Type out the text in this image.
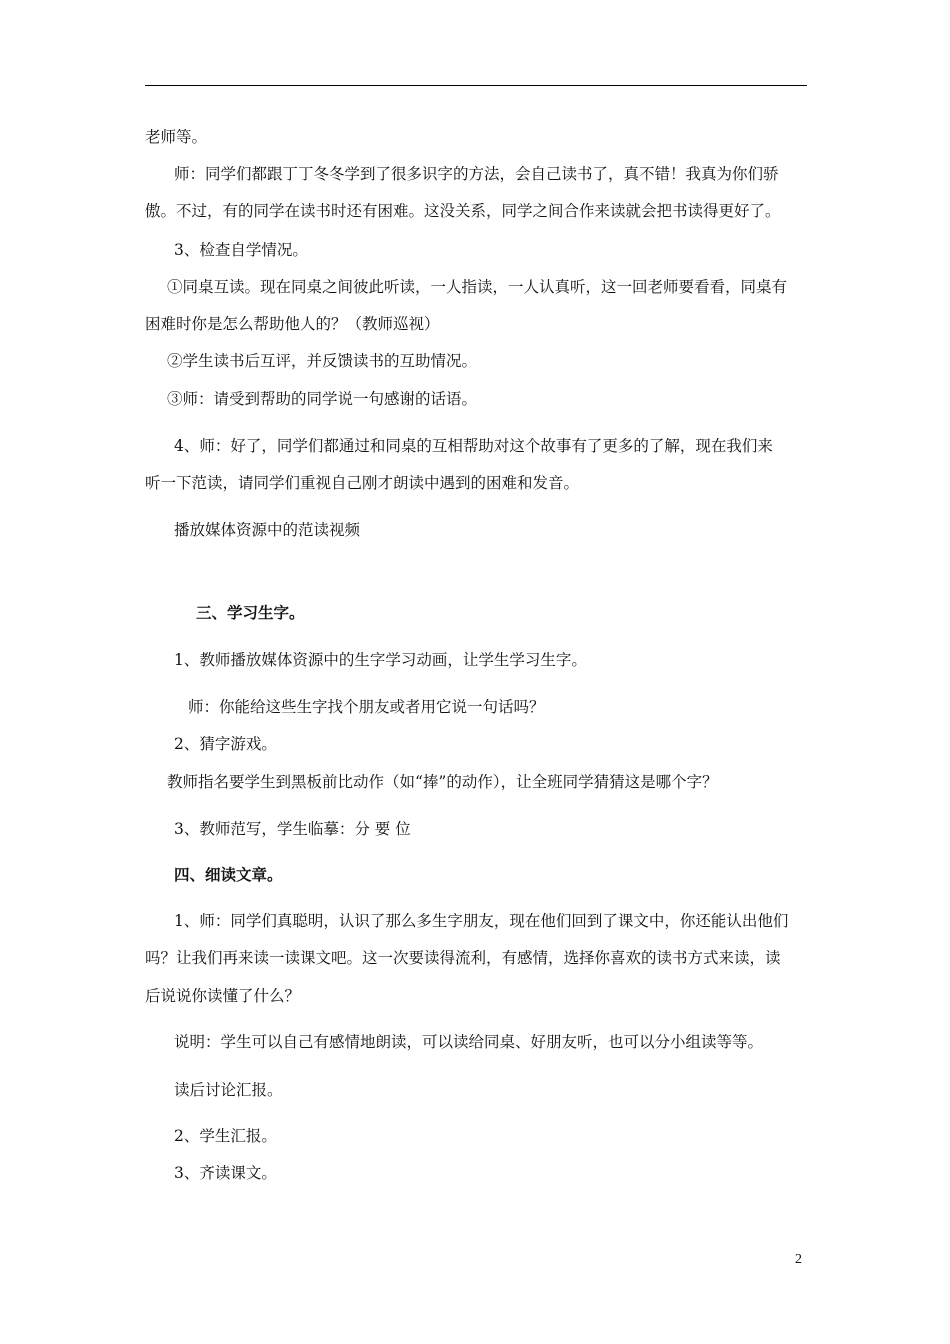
老师等。
师：同学们都跟丁丁冬冬学到了很多识字的方法，会自己读书了，真不错！我真为你们骄
傲。不过，有的同学在读书时还有困难。这没关系，同学之间合作来读就会把书读得更好了。
3、检查自学情况。
①同桌互读。现在同桌之间彼此听读，一人指读，一人认真听，这一回老师要看看，同桌有
困难时你是怎么帮助他人的？（教师巡视）
②学生读书后互评，并反馈读书的互助情况。
③师：请受到帮助的同学说一句感谢的话语。
4、师：好了，同学们都通过和同桌的互相帮助对这个故事有了更多的了解，现在我们来
听一下范读，请同学们重视自己刚才朗读中遇到的困难和发音。
播放媒体资源中的范读视频
三、学习生字。
1、教师播放媒体资源中的生字学习动画，让学生学习生字。
师：你能给这些生字找个朋友或者用它说一句话吗？
2、猜字游戏。
教师指名要学生到黑板前比动作（如“捧”的动作），让全班同学猜猜这是哪个字？
3、教师范写，学生临摹：分 要 位
四、细读文章。
1、师：同学们真聪明，认识了那么多生字朋友，现在他们回到了课文中，你还能认出他们
吗？让我们再来读一读课文吧。这一次要读得流利，有感情，选择你喜欢的读书方式来读，读
后说说你读懂了什么？
说明：学生可以自己有感情地朗读，可以读给同桌、好朋友听，也可以分小组读等等。
读后讨论汇报。
2、学生汇报。
3、齐读课文。
2
